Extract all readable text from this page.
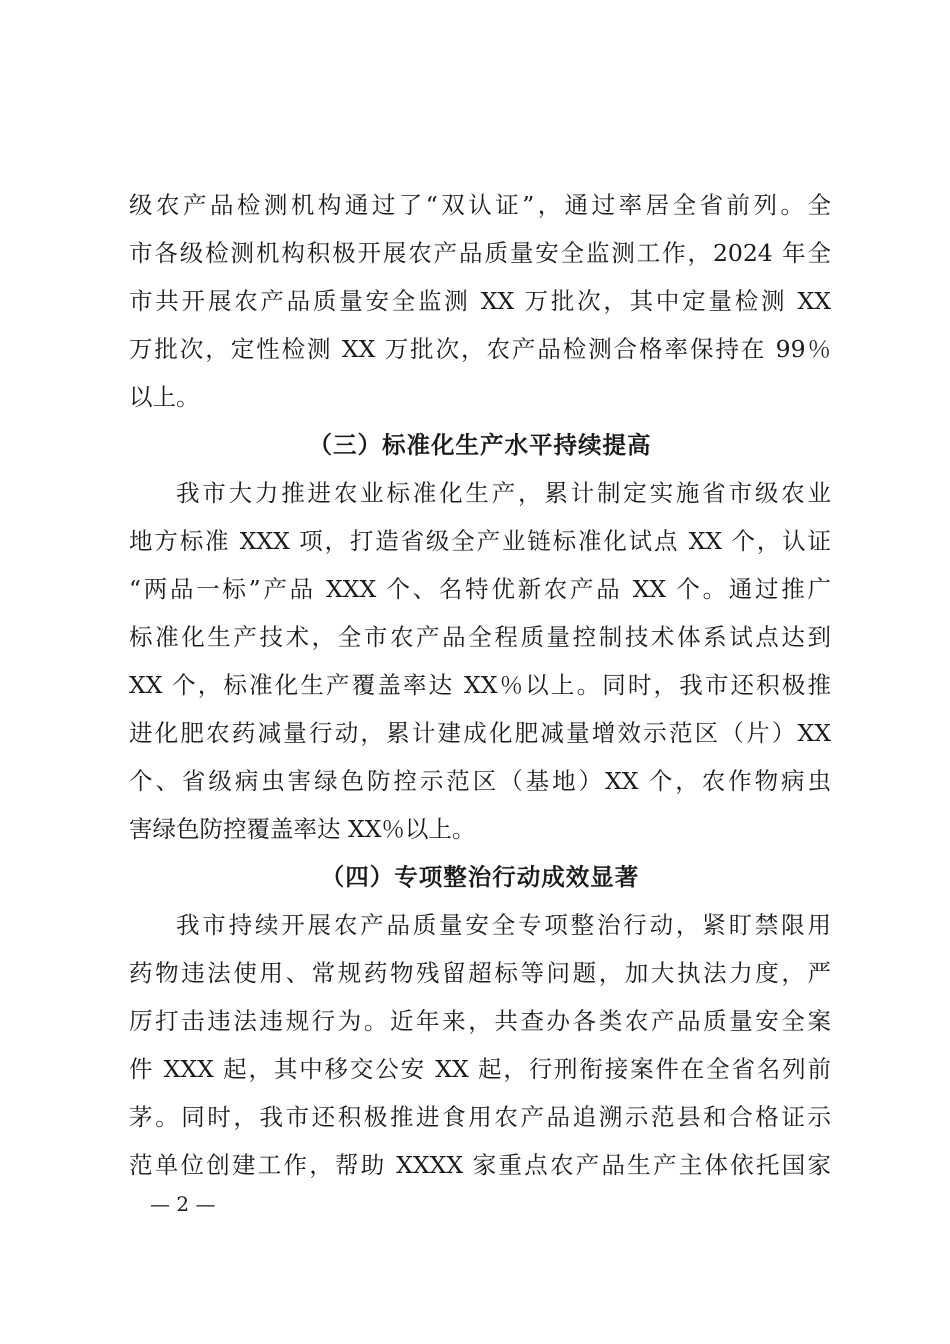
级农产品检测机构通过了“双认证”，通过率居全省前列。全
市各级检测机构积极开展农产品质量安全监测工作，2024 年全
市共开展农产品质量安全监测 XX 万批次，其中定量检测 XX
万批次，定性检测 XX 万批次，农产品检测合格率保持在 99％
以上。
（三）标准化生产水平持续提高
我市大力推进农业标准化生产，累计制定实施省市级农业
地方标准 XXX 项，打造省级全产业链标准化试点 XX 个，认证
“两品一标”产品 XXX 个、名特优新农产品 XX 个。通过推广
标准化生产技术，全市农产品全程质量控制技术体系试点达到
XX 个，标准化生产覆盖率达 XX％以上。同时，我市还积极推
进化肥农药减量行动，累计建成化肥减量增效示范区（片）XX
个、省级病虫害绿色防控示范区（基地）XX 个，农作物病虫
害绿色防控覆盖率达 XX％以上。
（四）专项整治行动成效显著
我市持续开展农产品质量安全专项整治行动，紧盯禁限用
药物违法使用、常规药物残留超标等问题，加大执法力度，严
厉打击违法违规行为。近年来，共查办各类农产品质量安全案
件 XXX 起，其中移交公安 XX 起，行刑衔接案件在全省名列前
茅。同时，我市还积极推进食用农产品追溯示范县和合格证示
范单位创建工作，帮助 XXXX 家重点农产品生产主体依托国家
— 2 —
